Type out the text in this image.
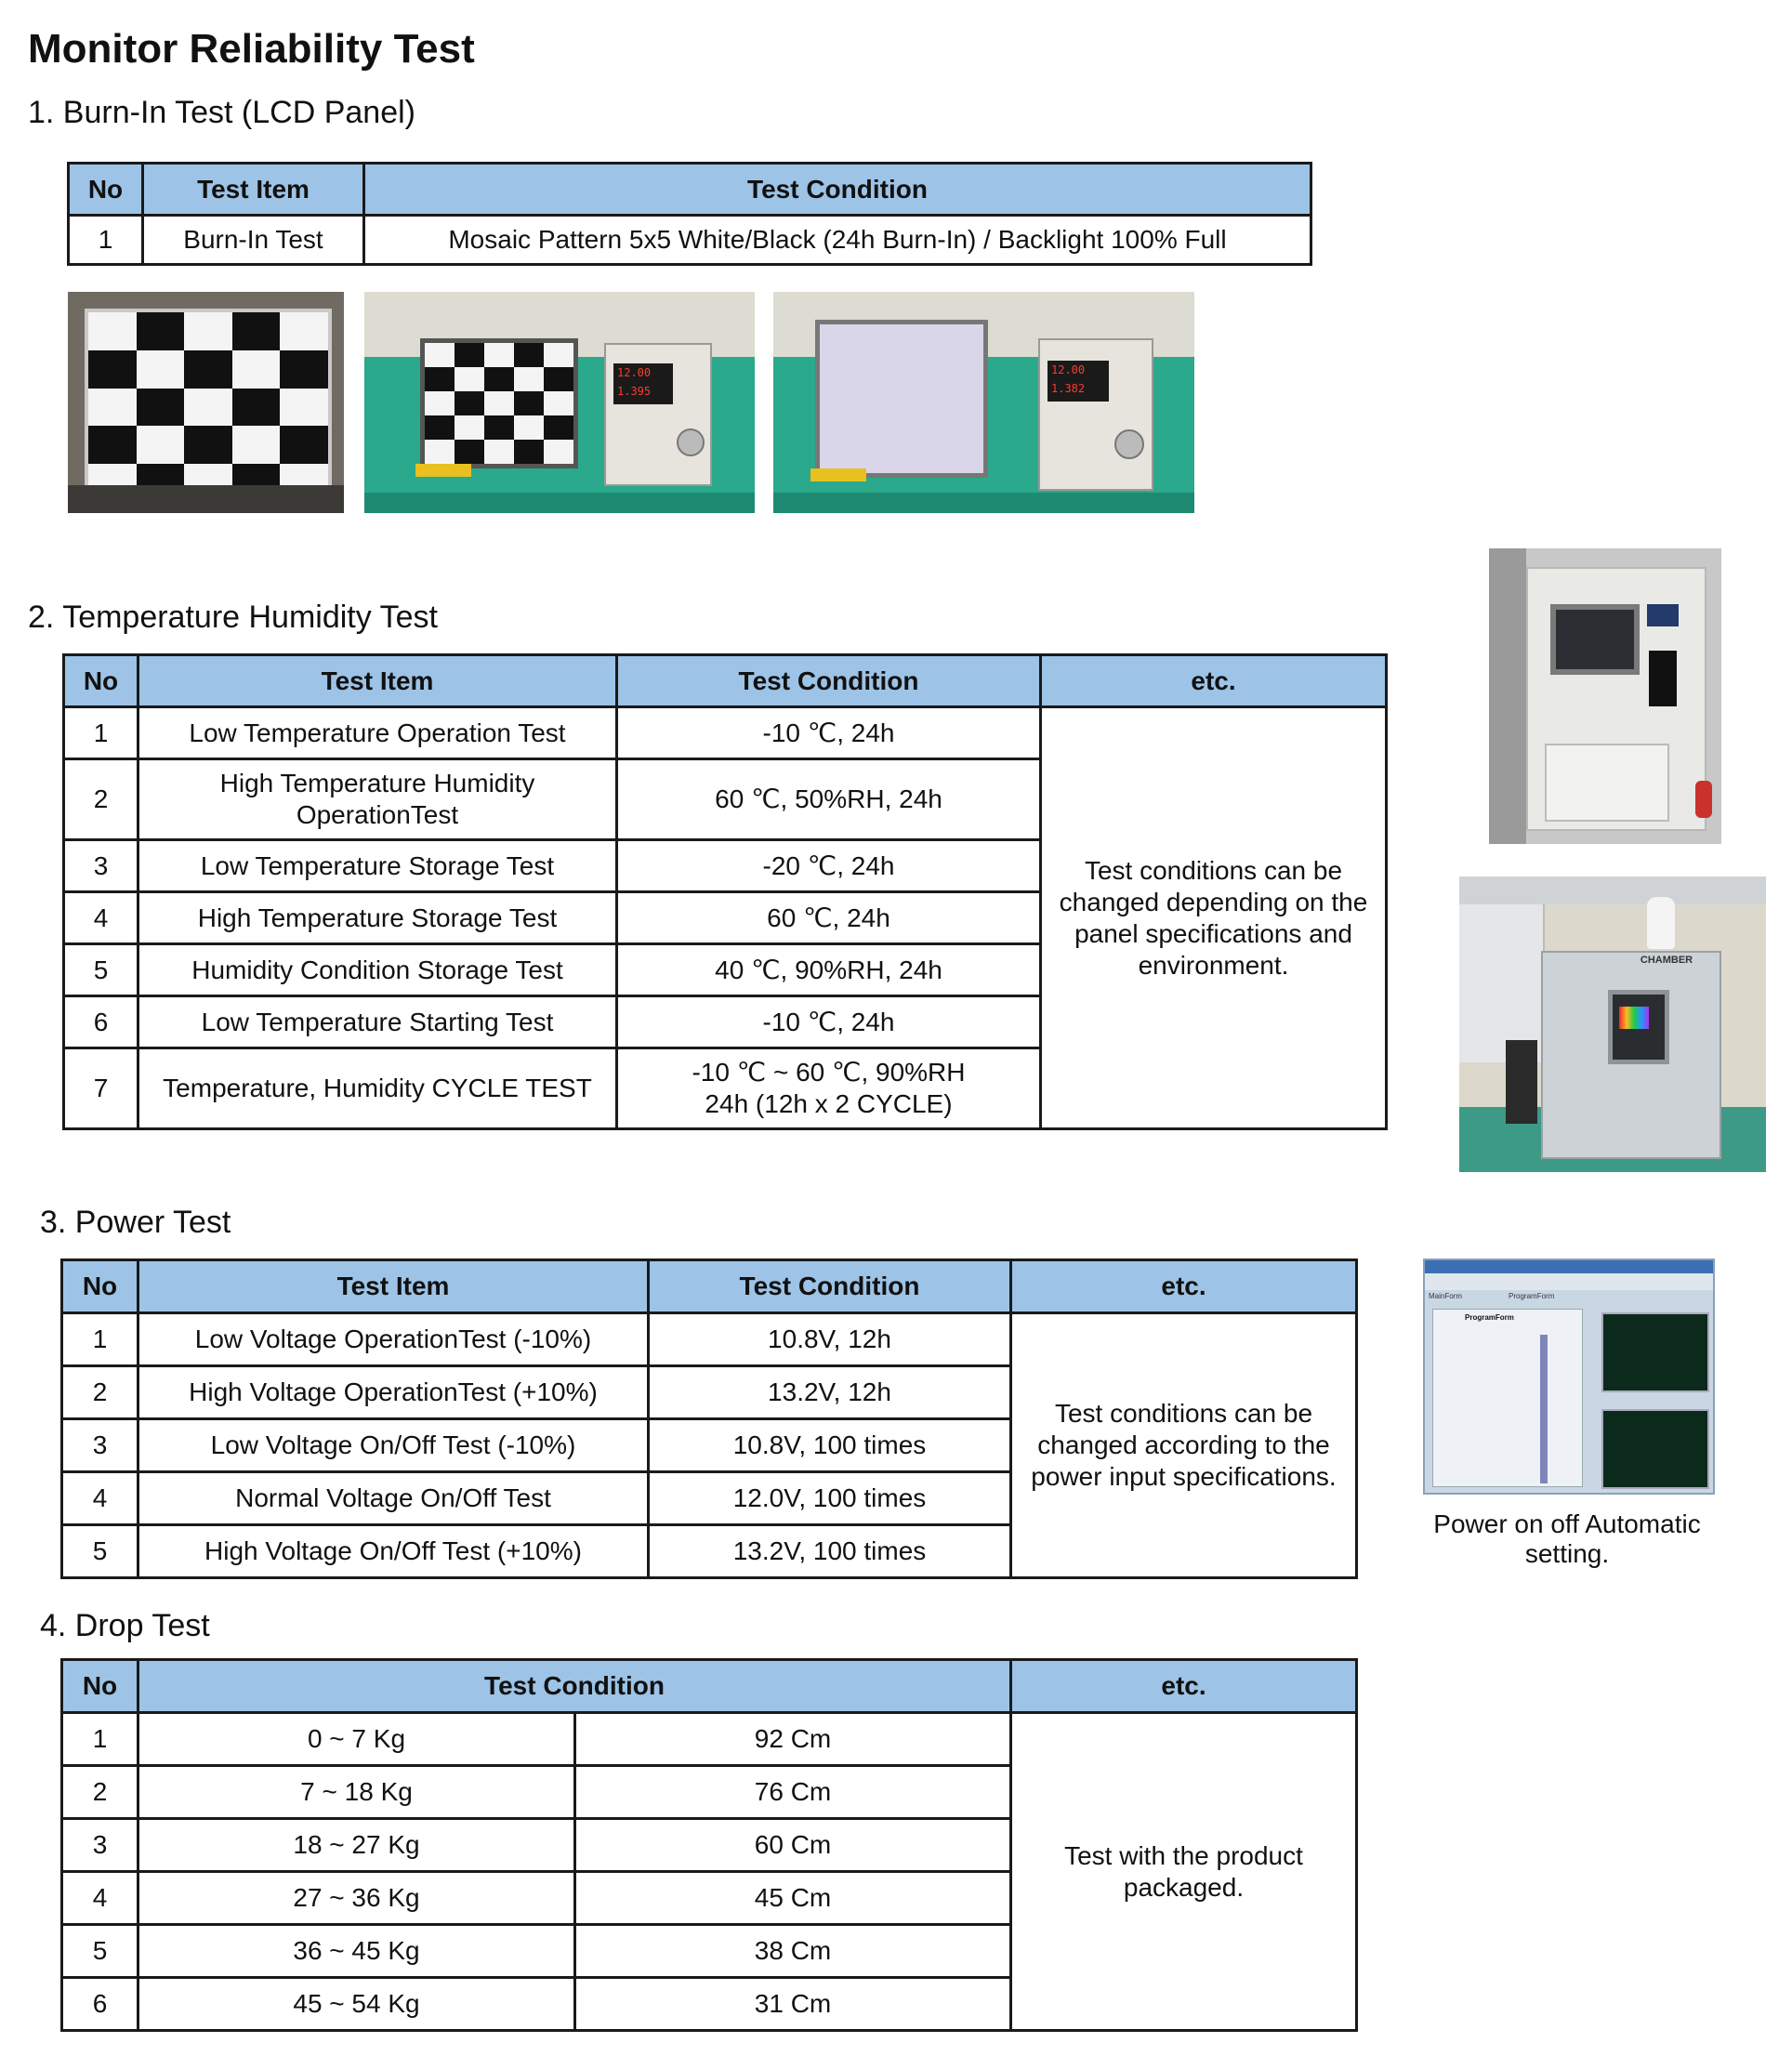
Monitor Reliability Test
1. Burn-In Test (LCD Panel)
No	Test Item	Test Condition
1	Burn-In Test	Mosaic Pattern 5x5 White/Black (24h Burn-In) / Backlight 100% Full
12.00
1.395
12.00
1.382
2. Temperature Humidity Test
No	Test Item	Test Condition	etc.
1	Low Temperature Operation Test	-10 ℃, 24h	Test conditions can be changed depending on the panel specifications and environment.
2	High Temperature Humidity OperationTest	60 ℃, 50%RH, 24h	
3	Low Temperature Storage Test	-20 ℃, 24h	
4	High Temperature Storage Test	60 ℃, 24h	
5	Humidity Condition Storage Test	40 ℃, 90%RH, 24h	
6	Low Temperature Starting Test	-10 ℃, 24h	
7	Temperature, Humidity CYCLE TEST	-10 ℃ ~ 60 ℃, 90%RH
24h (12h x 2 CYCLE)	
CHAMBER
3. Power Test
No	Test Item	Test Condition	etc.
1	Low Voltage OperationTest (-10%)	10.8V, 12h	Test conditions can be changed according to the power input specifications.
2	High Voltage OperationTest (+10%)	13.2V, 12h	
3	Low Voltage On/Off Test (-10%)	10.8V, 100 times	
4	Normal Voltage On/Off Test	12.0V, 100 times	
5	High Voltage On/Off Test (+10%)	13.2V, 100 times	
MainForm	ProgramForm
ProgramForm
Power on off Automatic setting.
4. Drop Test
No	Test Condition		etc.
1	0 ~ 7 Kg	92 Cm	Test with the product packaged.
2	7 ~ 18 Kg	76 Cm	
3	18 ~ 27 Kg	60 Cm	
4	27 ~ 36 Kg	45 Cm	
5	36 ~ 45 Kg	38 Cm	
6	45 ~ 54 Kg	31 Cm	
